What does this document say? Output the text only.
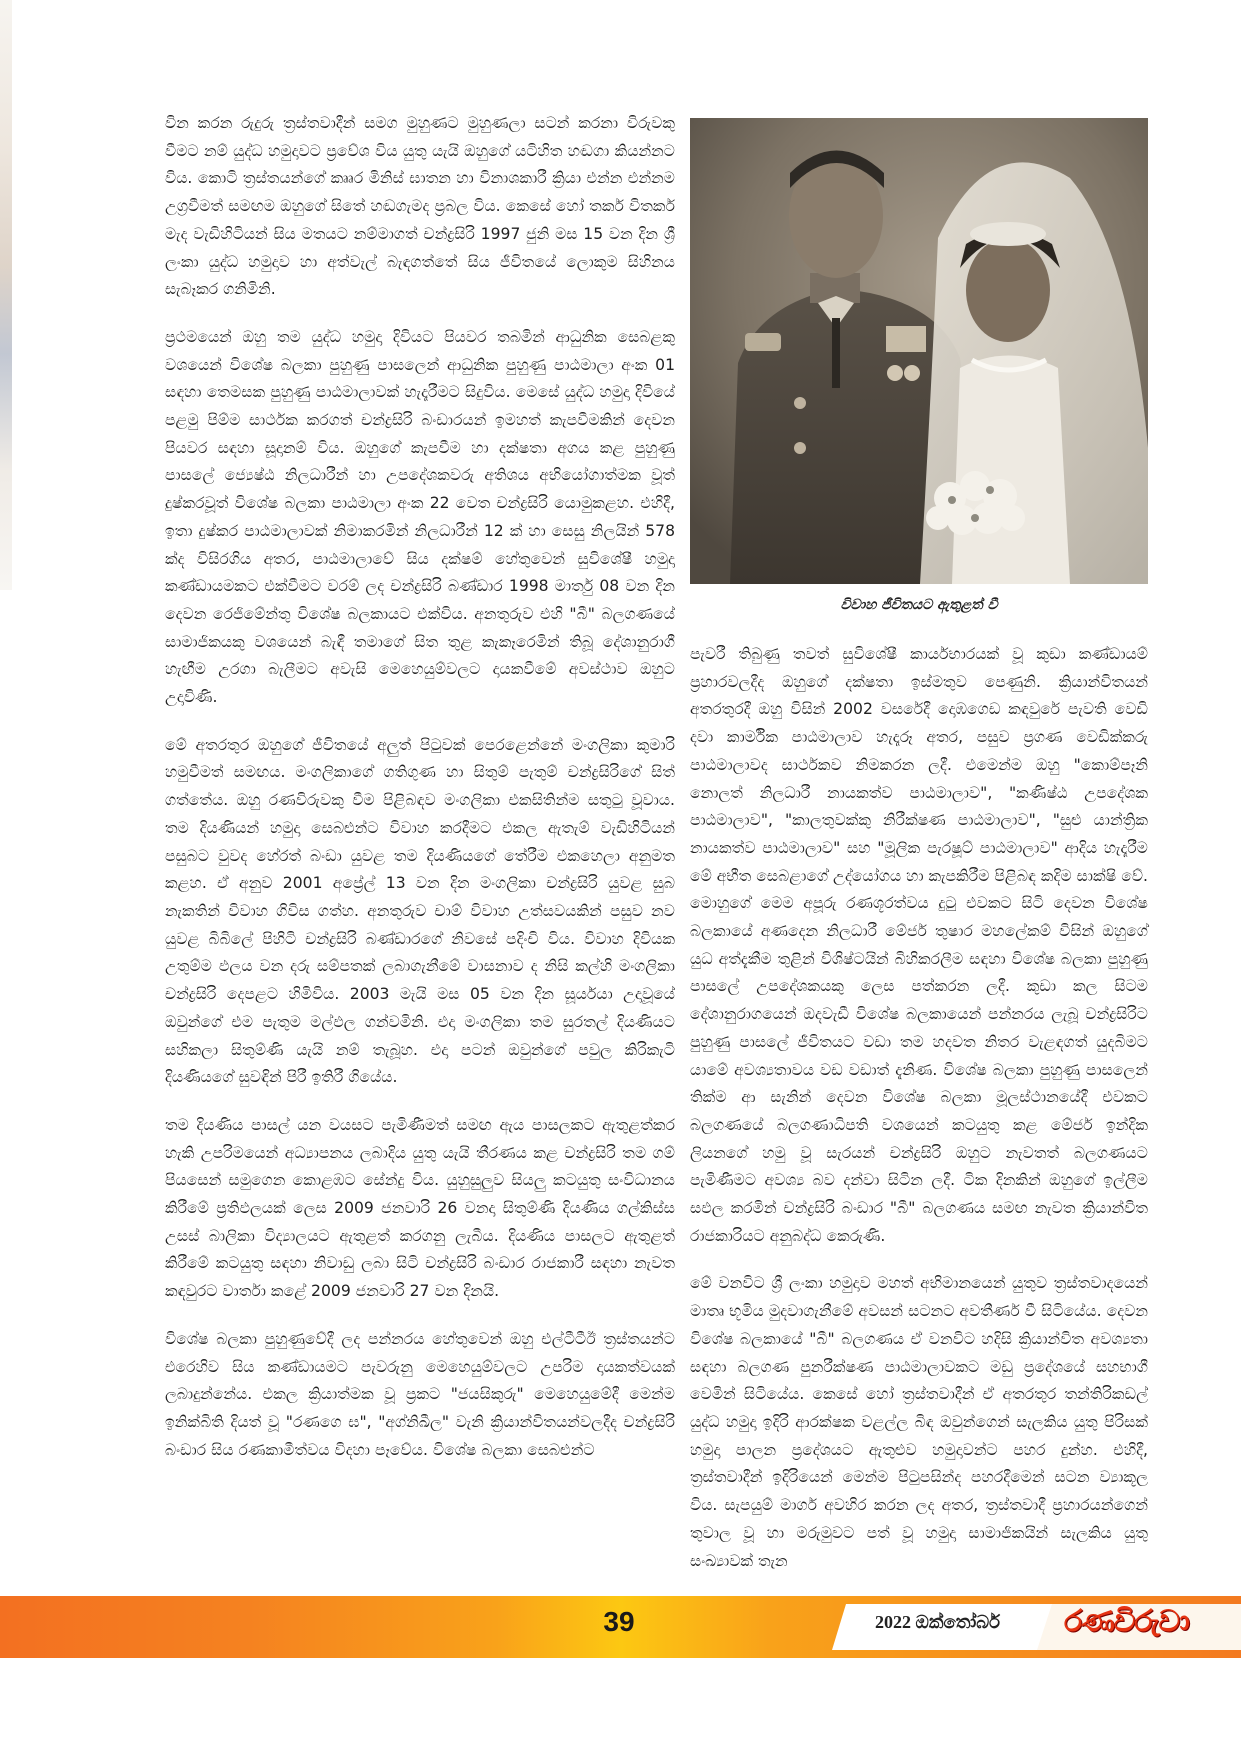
වින කරන රුදුරු ත්‍රස්තවාදීන් සමග මුහුණට මුහුණලා සටන් කරනා විරුවකු වීමට නම් යුද්ධ හමුදාවට ප්‍රවේශ විය යුතු යැයි ඔහුගේ යටිහිත හඬගා කියන්නට විය. කොටි ත්‍රස්තයන්ගේ කෲර මිනිස් ඝාතන හා විනාශකාරී ක්‍රියා එන්න එන්නම උග්‍රවීමත් සමඟම ඔහුගේ සිතේ හඬගැමද ප්‍රබල විය. කෙසේ හෝ තර්ක විතර්ක මැද වැඩිහිටියන් සිය මතයට නම්මාගත් චන්ද්‍රසිරි 1997 ජුනි මස 15 වන දින ශ්‍රී ලංකා යුද්ධ හමුදාව හා අත්වැල් බැඳගත්තේ සිය ජීවිතයේ ලොකුම සිහිනය සැබෑකර ගනිමිනි.

ප්‍රථමයෙන් ඔහු තම යුද්ධ හමුදා දිවියට පියවර තබමින් ආධුනික සෙබළකු වශයෙන් විශේෂ බලකා පුහුණු පාසලෙන් ආධුනික පුහුණු පාඨමාලා අංක 01 සඳහා තෙමසක පුහුණු පාඨමාලාවක් හැදෑරීමට සිදුවිය. මෙසේ යුද්ධ හමුදා දිවියේ පළමු පිම්ම සාර්ථක කරගත් චන්ද්‍රසිරි බංඩාරයන් ඉමහත් කැපවීමකින් දෙවන පියවර සඳහා සූදානම් විය. ඔහුගේ කැපවීම හා දක්ෂතා අගය කළ පුහුණු පාසලේ ජ්‍යෙෂ්ඨ නිලධාරීන් හා උපදේශකවරු අතිශය අභියෝගාත්මක වූත් දුෂ්කරවූත් විශේෂ බලකා පාඨමාලා අංක 22 වෙත චන්ද්‍රසිරි යොමුකළහ. එහිදී, ඉතා දුෂ්කර පාඨමාලාවක් නිමාකරමින් නිලධාරීන් 12 ක් හා සෙසු නිලයින් 578 ක්ද විසිරගිය අතර, පාඨමාලාවේ සිය දක්ෂම් හේතුවෙන් සුවිශේෂී හමුදා කණ්ඩායමකට එක්වීමට වරම් ලද චන්ද්‍රසිරි බණ්ඩාර 1998 මාර්තු 08 වන දින දෙවන රෙජිමේන්තු විශේෂ බලකායට එක්විය. අනතුරුව එහි "බී" බලගණයේ සාමාජිකයකු වශයෙන් බැඳී තමාගේ සිත තුළ කැකෑරෙමින් තිබූ දේශානුරාගී හැඟීම උරගා බැලීමට අවැසි මෙහෙයුම්වලට දායකවීමේ අවස්ථාව ඔහුට උදාවිණි.

මේ අතරතුර ඔහුගේ ජීවිතයේ අලුත් පිටුවක් පෙරළෙන්නේ මංගලිකා කුමාරි හමුවීමත් සමඟය. මංගලිකාගේ ගතිගුණ හා සිතුම් පැතුම් චන්ද්‍රසිරිගේ සිත් ගත්තේය. ඔහු රණවිරුවකු වීම පිළිබඳව මංගලිකා එකසිතින්ම සතුටු වූවාය. තම දියණියන් හමුදා සෙබළුන්ට විවාහ කරදීමට එකල ඇතැම් වැඩිහිටියන් පසුබට වුවද හේරත් බංඩා යුවළ තම දියණියගේ තේරීම එකහෙලා අනුමත කළහ. ඒ අනුව 2001 අප්‍රේල් 13 වන දින මංගලිකා චන්ද්‍රසිරි යුවළ සුබ නැකතින් විවාහ ගිවිස ගත්හ. අනතුරුව චාම් විවාහ උත්සවයකින් පසුව නව යුවළ බිබිලේ පිහිටි චන්ද්‍රසිරි බණ්ඩාරගේ නිවසේ පදිංචි විය. විවාහ දිවියක උතුම්ම ඵලය වන දරු සම්පතක් ලබාගැනීමේ වාසනාව ද නිසි කල්හි මංගලිකා චන්ද්‍රසිරි දෙපළට හිමිවිය. 2003 මැයි මස 05 වන දින සූර්යයා උදාවූයේ ඔවුන්ගේ එම පැතුම මල්ඵල ගන්වමිනි. එදා මංගලිකා තම සුරතල් දියණියට සහිකලා සිතුම්ණි යැයි නම් තැබූහ. එදා පටන් ඔවුන්ගේ පවුල කිරිකැටි දියණියගේ සුවඳින් පිරී ඉතිරී ගියේය.

තම දියණිය පාසල් යන වයසට පැමිණීමත් සමඟ ඇය පාසලකට ඇතුළත්කර හැකි උපරිමයෙන් අධ්‍යාපනය ලබාදිය යුතු යැයි තීරණය කළ චන්ද්‍රසිරි තම ගම් පියසෙන් සමුගෙන කොළඹට සේන්දු විය. යුහුසුලුව සියලු කටයුතු සංවිධානය කිරීමේ ප්‍රතිඵලයක් ලෙස 2009 ජනවාරි 26 වනදා සිතුම්ණි දියණිය ගල්කිස්ස උසස් බාලිකා විද්‍යාලයට ඇතුළත් කරගනු ලැබීය. දියණිය පාසලට ඇතුළත් කිරීමේ කටයුතු සඳහා නිවාඩු ලබා සිටි චන්ද්‍රසිරි බංඩාර රාජකාරී සඳහා නැවත කඳවුරට වාර්තා කළේ 2009 ජනවාරි 27 වන දිනයි.

විශේෂ බලකා පුහුණුවේදී ලද පන්නරය හේතුවෙන් ඔහු එල්ටීටීඊ ත්‍රස්තයන්ට එරෙහිව සිය කණ්ඩායමට පැවරුනු මෙහෙයුම්වලට උපරිම දායකත්වයක් ලබාදුන්නේය. එකල ක්‍රියාත්මක වූ ප්‍රකට "ජයසිකුරු" මෙහෙයුමේදී මෙන්ම ඉනික්බිති දියත් වූ "රණගෙ ඝ", "අග්නිඛීල" වැනි ක්‍රියාන්විතයන්වලදීද චන්ද්‍රසිරි බංඩාර සිය රණකාමීත්වය විදහා පෑවේය. විශේෂ බලකා සෙබළුන්ට

විවාහ ජීවිතයට ඇතුළත් වී

පැවරී තිබුණු තවත් සුවිශේෂී කාර්යභාරයක් වූ කුඩා කණ්ඩායම් ප්‍රහාරවලදීද ඔහුගේ දක්ෂතා ඉස්මතුව පෙණුනි. ක්‍රියාන්විතයන් අතරතුරදී ඔහු විසින් 2002 වසරේදී දොඹගෙඩ කඳවුරේ පැවති වෙඩි දවා කාර්මික පාඨමාලාව හැදෑරූ අතර, පසුව ප්‍රගණ වෙඩික්කරු පාඨමාලාවද සාර්ථකව නිමකරන ලදී. එමෙන්ම ඔහු "කොම්පෑනි නොලත් නිලධාරී නායකත්ව පාඨමාලාව", "කණිෂ්ඨ උපදේශක පාඨමාලාව", "කාලතුවක්කු නිරීක්ෂණ පාඨමාලාව", "සුළු යාන්ත්‍රික නායකත්ව පාඨමාලාව" සහ "මූලික පැරෂූට් පාඨමාලාව" ආදිය හැදෑරීම මේ අභීත සෙබළාගේ උද්යෝගය හා කැපකිරීම පිළිබඳ කදිම සාක්ෂි වේ. මොහුගේ මෙම අපූරු රණශූරත්වය දුටු එවකට සිටි දෙවන විශේෂ බලකායේ අණදෙන නිලධාරී මේජර් තුෂාර මහලේකම් විසින් ඔහුගේ යුධ අත්දැකීම තුළින් විශිෂ්ටයින් බිහිකරලීම සඳහා විශේෂ බලකා පුහුණු පාසලේ උපදේශකයකු ලෙස පත්කරන ලදී. කුඩා කල සිටම දේශානුරාගයෙන් ඔදවැඩී විශේෂ බලකායෙන් පන්නරය ලැබූ චන්ද්‍රසිරිට පුහුණු පාසලේ ජීවිතයට වඩා තම හදවත නිතර වැළඳගත් යුදබිමට යාමේ අවශ්‍යතාවය වඩ වඩාත් දැනිණ. විශේෂ බලකා පුහුණු පාසලෙන් තික්ම ආ සැනින් දෙවන විශේෂ බලකා මූලස්ථානයේදී එවකට බලගණයේ බලගණාධිපති වශයෙන් කටයුතු කළ මේජර් ඉන්දික ලියනගේ හමු වූ සැරයන් චන්ද්‍රසිරි ඔහුට නැවතත් බලගණයට පැමිණීමට අවශ්‍ය බව දන්වා සිටින ලදී. ටික දිනකින් ඔහුගේ ඉල්ලීම සඵල කරමින් චන්ද්‍රසිරි බංඩාර "බී" බලගණය සමඟ නැවත ක්‍රියාන්විත රාජකාරියට අනුබද්ධ කෙරුණි.

මේ වනවිට ශ්‍රී ලංකා හමුදාව මහත් අභිමානයෙන් යුතුව ත්‍රස්තවාදයෙන් මාතෘ භූමිය මුදවාගැනීමේ අවසන් සටනට අවතීර්ණ වී සිටියේය. දෙවන විශේෂ බලකායේ "බී" බලගණය ඒ වනවිට හදිසි ක්‍රියාන්විත අවශ්‍යතා සඳහා බලගණ පුනරීක්ෂණ පාඨමාලාවකට මඩු ප්‍රදේශයේ සහභාගී වෙමින් සිටියේය. කෙසේ හෝ ත්‍රස්තවාදීන් ඒ අතරතුර තන්තිරිකඩල් යුද්ධ හමුදා ඉදිරි ආරක්ෂක වළල්ල බිඳ ඔවුන්ගෙන් සැලකිය යුතු පිරිසක් හමුදා පාලන ප්‍රදේශයට ඇතුළුව හමුදාවන්ට පහර දුන්හ. එහිදී, ත්‍රස්තවාදීන් ඉදිරියෙන් මෙන්ම පිටුපසින්ද පහරදීමෙන් සටන ව්‍යාකූල විය. සැපයුම් මාර්ග අවහිර කරන ලද අතර, ත්‍රස්තවාදී ප්‍රහාරයන්ගෙන් තුවාල වූ හා මරුමුවට පත් වූ හමුදා සාමාජිකයින් සැලකිය යුතු සංඛ්‍යාවක් තැන

39	2022 ඔක්තෝබර් රණවිරුවා
